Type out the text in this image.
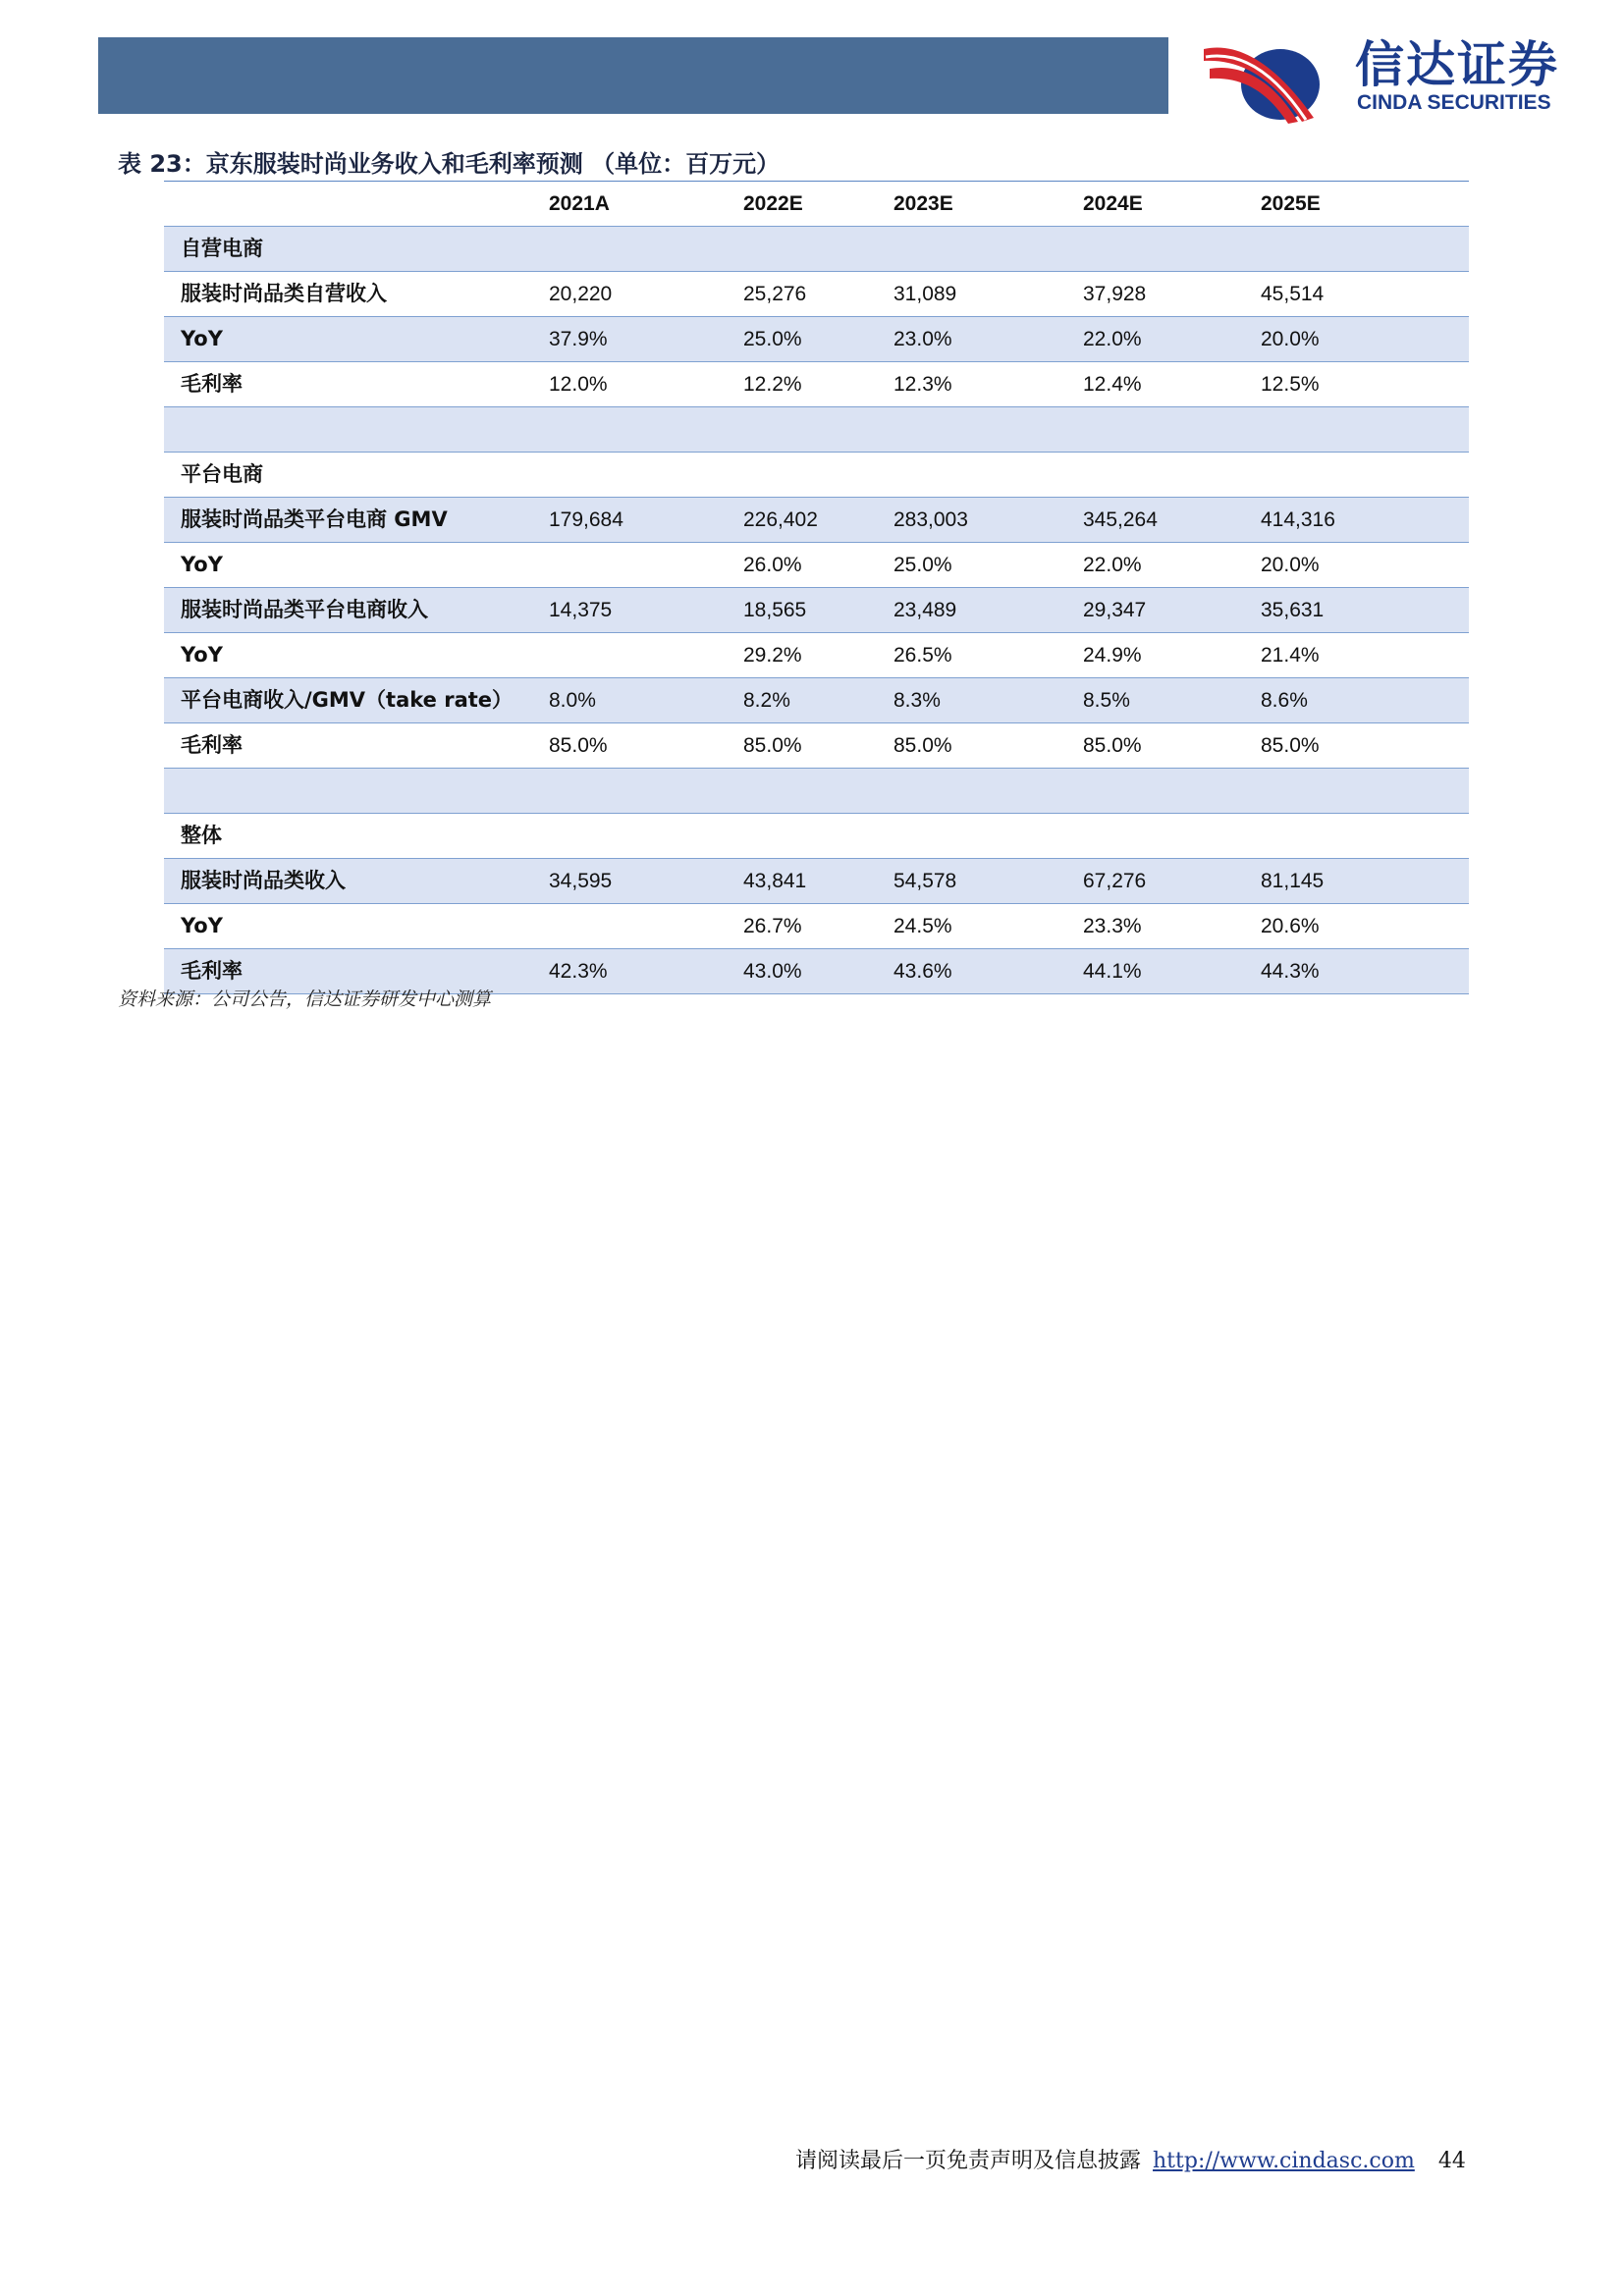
信达证券
CINDA SECURITIES
表 23：京东服装时尚业务收入和毛利率预测 （单位：百万元）
	2021A	2022E	2023E	2024E	2025E
自营电商					
服装时尚品类自营收入	20,220	25,276	31,089	37,928	45,514
YoY	37.9%	25.0%	23.0%	22.0%	20.0%
毛利率	12.0%	12.2%	12.3%	12.4%	12.5%

平台电商					
服装时尚品类平台电商 GMV	179,684	226,402	283,003	345,264	414,316
YoY		26.0%	25.0%	22.0%	20.0%
服装时尚品类平台电商收入	14,375	18,565	23,489	29,347	35,631
YoY		29.2%	26.5%	24.9%	21.4%
平台电商收入/GMV（take rate）	8.0%	8.2%	8.3%	8.5%	8.6%
毛利率	85.0%	85.0%	85.0%	85.0%	85.0%

整体					
服装时尚品类收入	34,595	43,841	54,578	67,276	81,145
YoY		26.7%	24.5%	23.3%	20.6%
毛利率	42.3%	43.0%	43.6%	44.1%	44.3%
资料来源：公司公告，信达证券研发中心测算
请阅读最后一页免责声明及信息披露 http://www.cindasc.com 44
